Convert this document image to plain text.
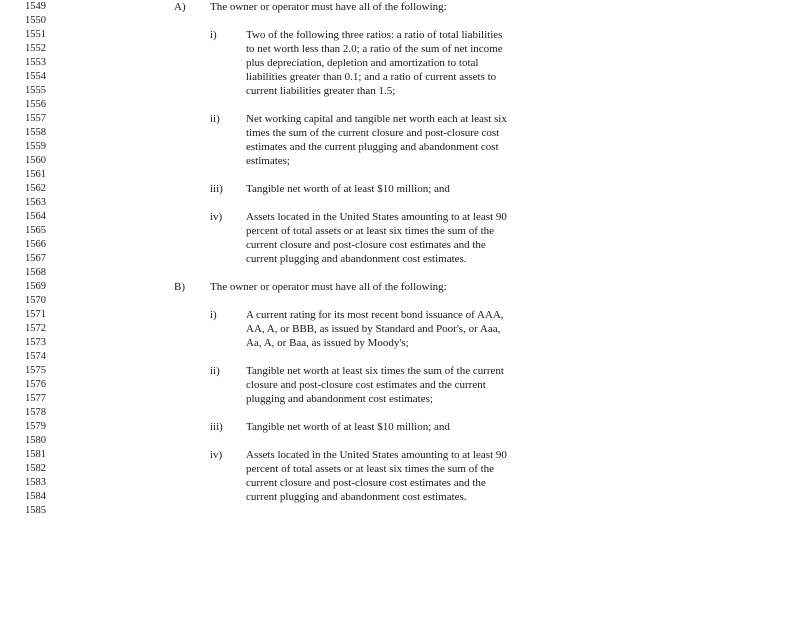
1549
1550
1551
1552
1553
1554
1555
1556
1557
1558
1559
1560
1561
1562
1563
1564
1565
1566
1567
1568
1569
1570
1571
1572
1573
1574
1575
1576
1577
1578
1579
1580
1581
1582
1583
1584
1585
A) The owner or operator must have all of the following:
i)	Two of the following three ratios: a ratio of total liabilities
to net worth less than 2.0; a ratio of the sum of net income
plus depreciation, depletion and amortization to total
liabilities greater than 0.1; and a ratio of current assets to
current liabilities greater than 1.5;
ii) Net working capital and tangible net worth each at least six
times the sum of the current closure and post-closure cost
estimates and the current plugging and abandonment cost
estimates;
iii) Tangible net worth of at least $10 million; and
iv) Assets located in the United States amounting to at least 90
percent of total assets or at least six times the sum of the
current closure and post-closure cost estimates and the
current plugging and abandonment cost estimates.
B) The owner or operator must have all of the following:
i)	A current rating for its most recent bond issuance of AAA,
AA, A, or BBB, as issued by Standard and Poor's, or Aaa,
Aa, A, or Baa, as issued by Moody's;
ii) Tangible net worth at least six times the sum of the current
closure and post-closure cost estimates and the current
plugging and abandonment cost estimates;
iii) Tangible net worth of at least $10 million; and
iv) Assets located in the United States amounting to at least 90
percent of total assets or at least six times the sum of the
current closure and post-closure cost estimates and the
current plugging and abandonment cost estimates.
